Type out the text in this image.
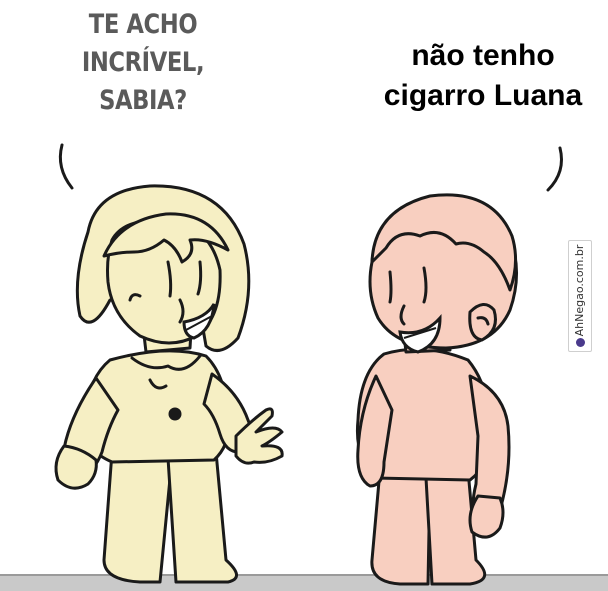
TE ACHO
INCRÍVEL,
SABIA?
não tenho
cigarro Luana
AhNegao.com.br
